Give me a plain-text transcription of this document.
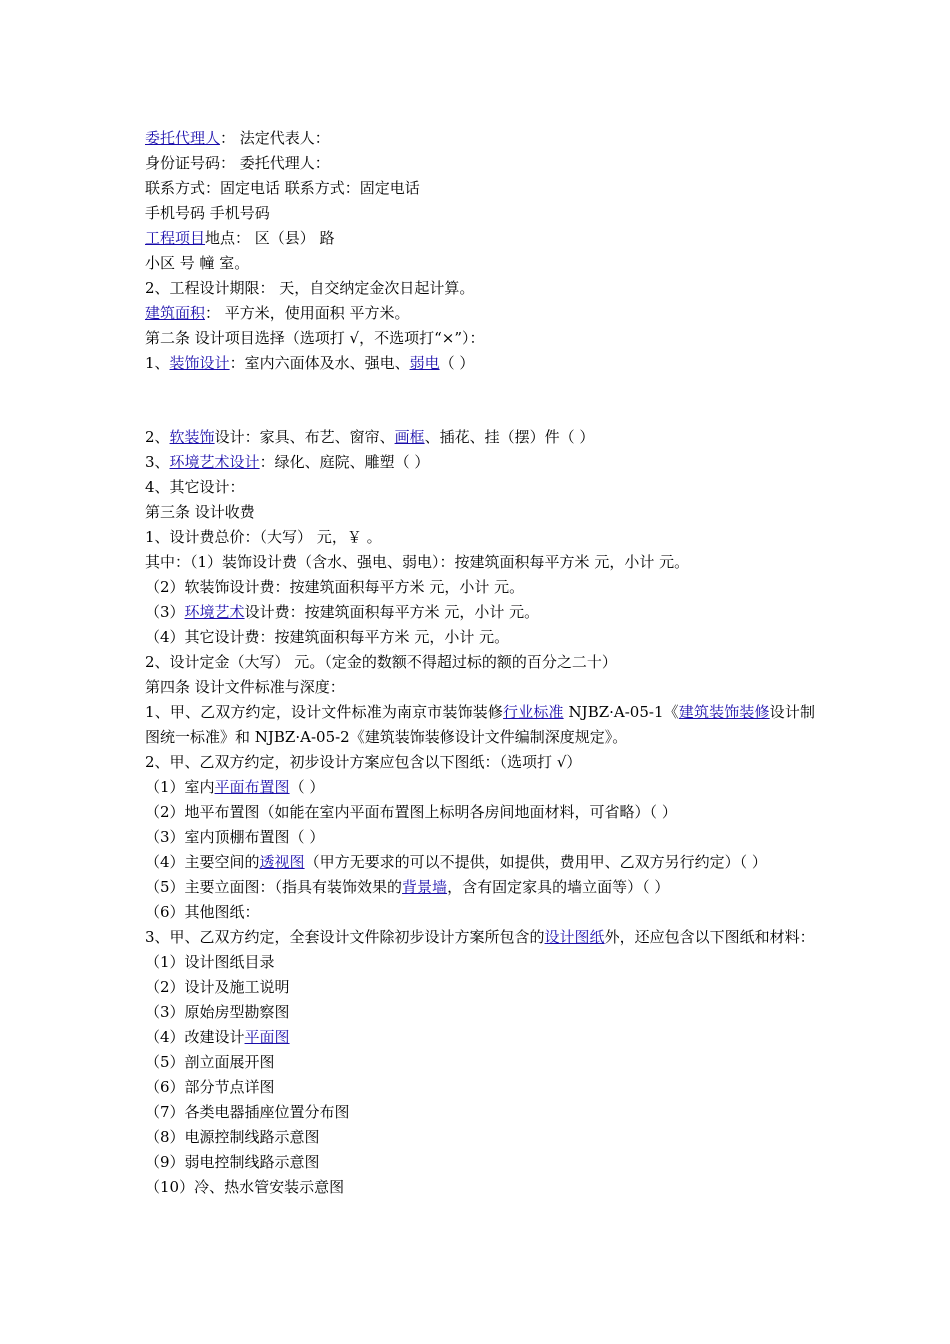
委托代理人： 法定代表人：
身份证号码： 委托代理人：
联系方式：固定电话 联系方式：固定电话
手机号码 手机号码
工程项目地点： 区（县） 路
小区 号 幢 室。
2、工程设计期限： 天，自交纳定金次日起计算。
建筑面积： 平方米，使用面积 平方米。
第二条 设计项目选择（选项打 √，不选项打“×”）：
1、装饰设计：室内六面体及水、强电、弱电（ ）
2、软装饰设计：家具、布艺、窗帘、画框、插花、挂（摆）件（ ）
3、环境艺术设计：绿化、庭院、雕塑（ ）
4、其它设计：
第三条 设计收费
1、设计费总价：（大写） 元，￥ 。
其中：（1）装饰设计费（含水、强电、弱电）：按建筑面积每平方米 元，小计 元。
（2）软装饰设计费：按建筑面积每平方米 元，小计 元。
（3）环境艺术设计费：按建筑面积每平方米 元，小计 元。
（4）其它设计费：按建筑面积每平方米 元，小计 元。
2、设计定金（大写） 元。（定金的数额不得超过标的额的百分之二十）
第四条 设计文件标准与深度：
1、甲、乙双方约定，设计文件标准为南京市装饰装修行业标准 NJBZ·A-05-1《建筑装饰装修设计制图统一标准》和 NJBZ·A-05-2《建筑装饰装修设计文件编制深度规定》。
2、甲、乙双方约定，初步设计方案应包含以下图纸：（选项打 √）
（1）室内平面布置图（ ）
（2）地平布置图（如能在室内平面布置图上标明各房间地面材料，可省略）（ ）
（3）室内顶棚布置图（ ）
（4）主要空间的透视图（甲方无要求的可以不提供，如提供，费用甲、乙双方另行约定）（ ）
（5）主要立面图：（指具有装饰效果的背景墙，含有固定家具的墙立面等）（ ）
（6）其他图纸：
3、甲、乙双方约定，全套设计文件除初步设计方案所包含的设计图纸外，还应包含以下图纸和材料：
（1）设计图纸目录
（2）设计及施工说明
（3）原始房型勘察图
（4）改建设计平面图
（5）剖立面展开图
（6）部分节点详图
（7）各类电器插座位置分布图
（8）电源控制线路示意图
（9）弱电控制线路示意图
（10）冷、热水管安装示意图
